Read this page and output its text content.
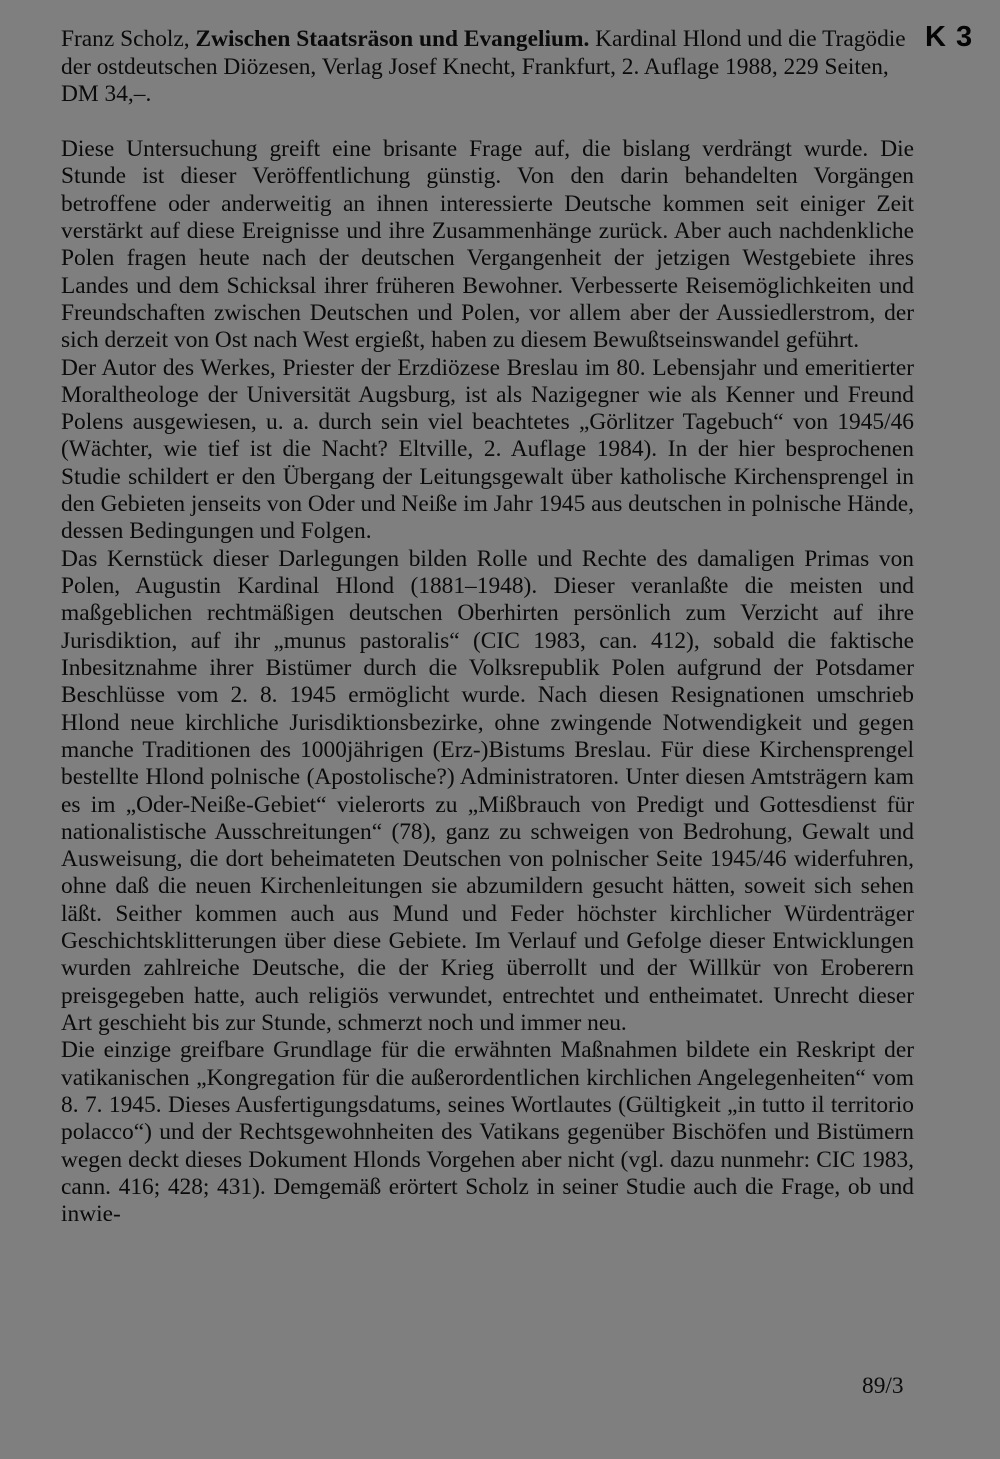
K 3
Franz Scholz, Zwischen Staatsräson und Evangelium. Kardinal Hlond und die Tragödie der ostdeutschen Diözesen, Verlag Josef Knecht, Frankfurt, 2. Auflage 1988, 229 Seiten, DM 34,–.

Diese Untersuchung greift eine brisante Frage auf, die bislang verdrängt wurde. Die Stunde ist dieser Veröffentlichung günstig. Von den darin behandelten Vorgängen betroffene oder anderweitig an ihnen interessierte Deutsche kommen seit einiger Zeit verstärkt auf diese Ereignisse und ihre Zusammenhänge zurück. Aber auch nachdenkliche Polen fragen heute nach der deutschen Vergangenheit der jetzigen Westgebiete ihres Landes und dem Schicksal ihrer früheren Bewohner. Verbesserte Reisemöglichkeiten und Freundschaften zwischen Deutschen und Polen, vor allem aber der Aussiedlerstrom, der sich derzeit von Ost nach West ergießt, haben zu diesem Bewußtseinswandel geführt.

Der Autor des Werkes, Priester der Erzdiözese Breslau im 80. Lebensjahr und emeritierter Moraltheologe der Universität Augsburg, ist als Nazigegner wie als Kenner und Freund Polens ausgewiesen, u. a. durch sein viel beachtetes „Görlitzer Tagebuch“ von 1945/46 (Wächter, wie tief ist die Nacht? Eltville, 2. Auflage 1984). In der hier besprochenen Studie schildert er den Übergang der Leitungsgewalt über katholische Kirchensprengel in den Gebieten jenseits von Oder und Neiße im Jahr 1945 aus deutschen in polnische Hände, dessen Bedingungen und Folgen.

Das Kernstück dieser Darlegungen bilden Rolle und Rechte des damaligen Primas von Polen, Augustin Kardinal Hlond (1881–1948). Dieser veranlaßte die meisten und maßgeblichen rechtmäßigen deutschen Oberhirten persönlich zum Verzicht auf ihre Jurisdiktion, auf ihr „munus pastoralis“ (CIC 1983, can. 412), sobald die faktische Inbesitznahme ihrer Bistümer durch die Volksrepublik Polen aufgrund der Potsdamer Beschlüsse vom 2. 8. 1945 ermöglicht wurde. Nach diesen Resignationen umschrieb Hlond neue kirchliche Jurisdiktionsbezirke, ohne zwingende Notwendigkeit und gegen manche Traditionen des 1000jährigen (Erz-)Bistums Breslau. Für diese Kirchensprengel bestellte Hlond polnische (Apostolische?) Administratoren. Unter diesen Amtsträgern kam es im „Oder-Neiße-Gebiet“ vielerorts zu „Mißbrauch von Predigt und Gottesdienst für nationalistische Ausschreitungen“ (78), ganz zu schweigen von Bedrohung, Gewalt und Ausweisung, die dort beheimateten Deutschen von polnischer Seite 1945/46 widerfuhren, ohne daß die neuen Kirchenleitungen sie abzumildern gesucht hätten, soweit sich sehen läßt. Seither kommen auch aus Mund und Feder höchster kirchlicher Würdenträger Geschichtsklitterungen über diese Gebiete. Im Verlauf und Gefolge dieser Entwicklungen wurden zahlreiche Deutsche, die der Krieg überrollt und der Willkür von Eroberern preisgegeben hatte, auch religiös verwundet, entrechtet und entheimatet. Unrecht dieser Art geschieht bis zur Stunde, schmerzt noch und immer neu.

Die einzige greifbare Grundlage für die erwähnten Maßnahmen bildete ein Reskript der vatikanischen „Kongregation für die außerordentlichen kirchlichen Angelegenheiten“ vom 8. 7. 1945. Dieses Ausfertigungsdatums, seines Wortlautes (Gültigkeit „in tutto il territorio polacco“) und der Rechtsgewohnheiten des Vatikans gegenüber Bischöfen und Bistümern wegen deckt dieses Dokument Hlonds Vorgehen aber nicht (vgl. dazu nunmehr: CIC 1983, cann. 416; 428; 431). Demgemäß erörtert Scholz in seiner Studie auch die Frage, ob und inwie-

89/3
